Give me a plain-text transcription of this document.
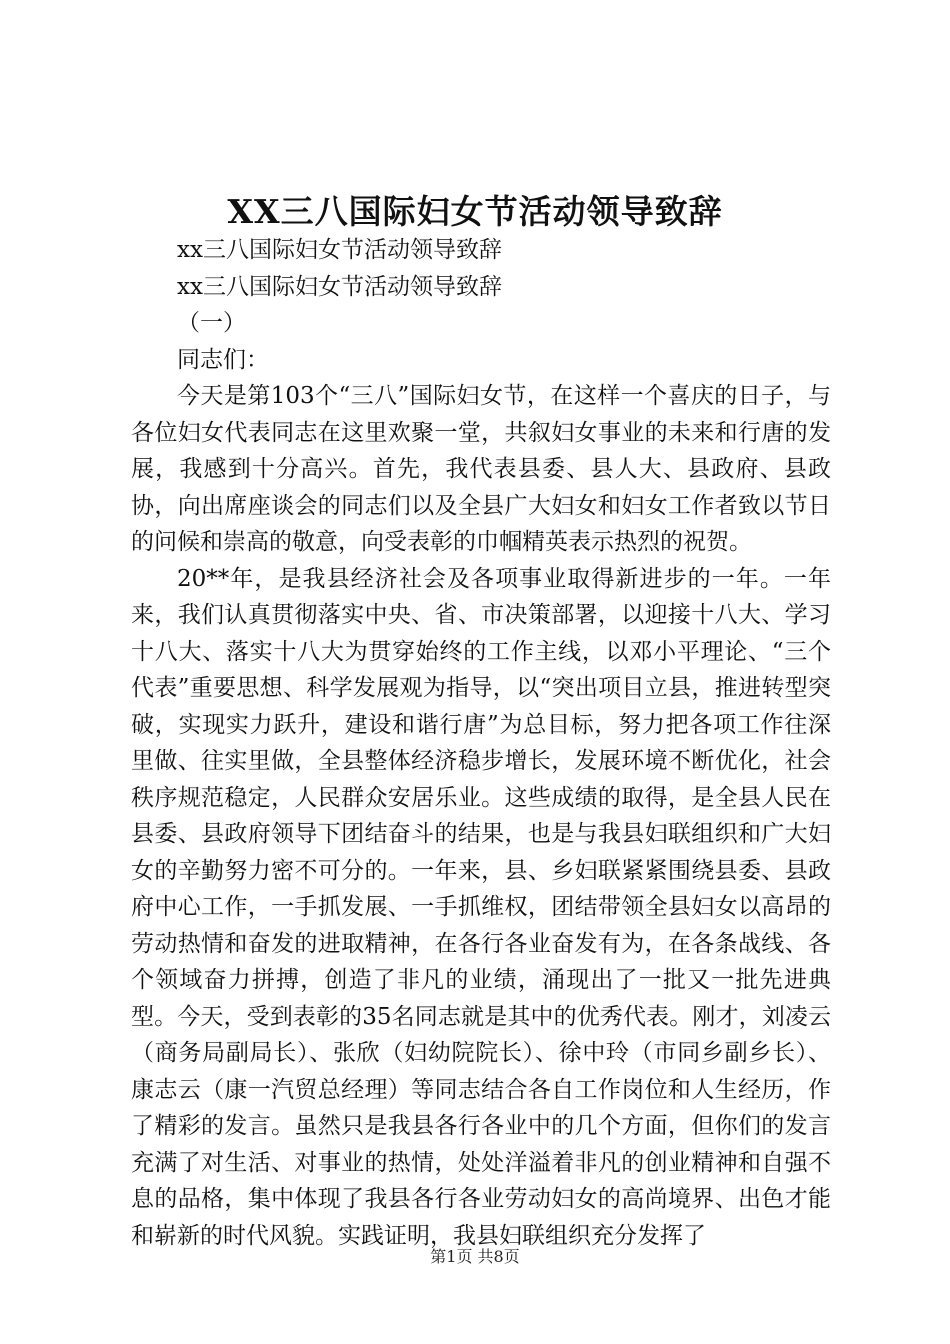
XX三八国际妇女节活动领导致辞
xx三八国际妇女节活动领导致辞
xx三八国际妇女节活动领导致辞
（一）
同志们：

今天是第103个“三八”国际妇女节，在这样一个喜庆的日子，与各位妇女代表同志在这里欢聚一堂，共叙妇女事业的未来和行唐的发展，我感到十分高兴。首先，我代表县委、县人大、县政府、县政协，向出席座谈会的同志们以及全县广大妇女和妇女工作者致以节日的问候和崇高的敬意，向受表彰的巾帼精英表示热烈的祝贺。

20**年，是我县经济社会及各项事业取得新进步的一年。一年来，我们认真贯彻落实中央、省、市决策部署，以迎接十八大、学习十八大、落实十八大为贯穿始终的工作主线，以邓小平理论、“三个代表”重要思想、科学发展观为指导，以“突出项目立县，推进转型突破，实现实力跃升，建设和谐行唐”为总目标，努力把各项工作往深里做、往实里做，全县整体经济稳步增长，发展环境不断优化，社会秩序规范稳定，人民群众安居乐业。这些成绩的取得，是全县人民在县委、县政府领导下团结奋斗的结果，也是与我县妇联组织和广大妇女的辛勤努力密不可分的。一年来，县、乡妇联紧紧围绕县委、县政府中心工作，一手抓发展、一手抓维权，团结带领全县妇女以高昂的劳动热情和奋发的进取精神，在各行各业奋发有为，在各条战线、各个领域奋力拼搏，创造了非凡的业绩，涌现出了一批又一批先进典型。今天，受到表彰的35名同志就是其中的优秀代表。刚才，刘凌云（商务局副局长）、张欣（妇幼院院长）、徐中玲（市同乡副乡长）、康志云（康一汽贸总经理）等同志结合各自工作岗位和人生经历，作了精彩的发言。虽然只是我县各行各业中的几个方面，但你们的发言充满了对生活、对事业的热情，处处洋溢着非凡的创业精神和自强不息的品格，集中体现了我县各行各业劳动妇女的高尚境界、出色才能和崭新的时代风貌。实践证明，我县妇联组织充分发挥了

第1页 共8页
